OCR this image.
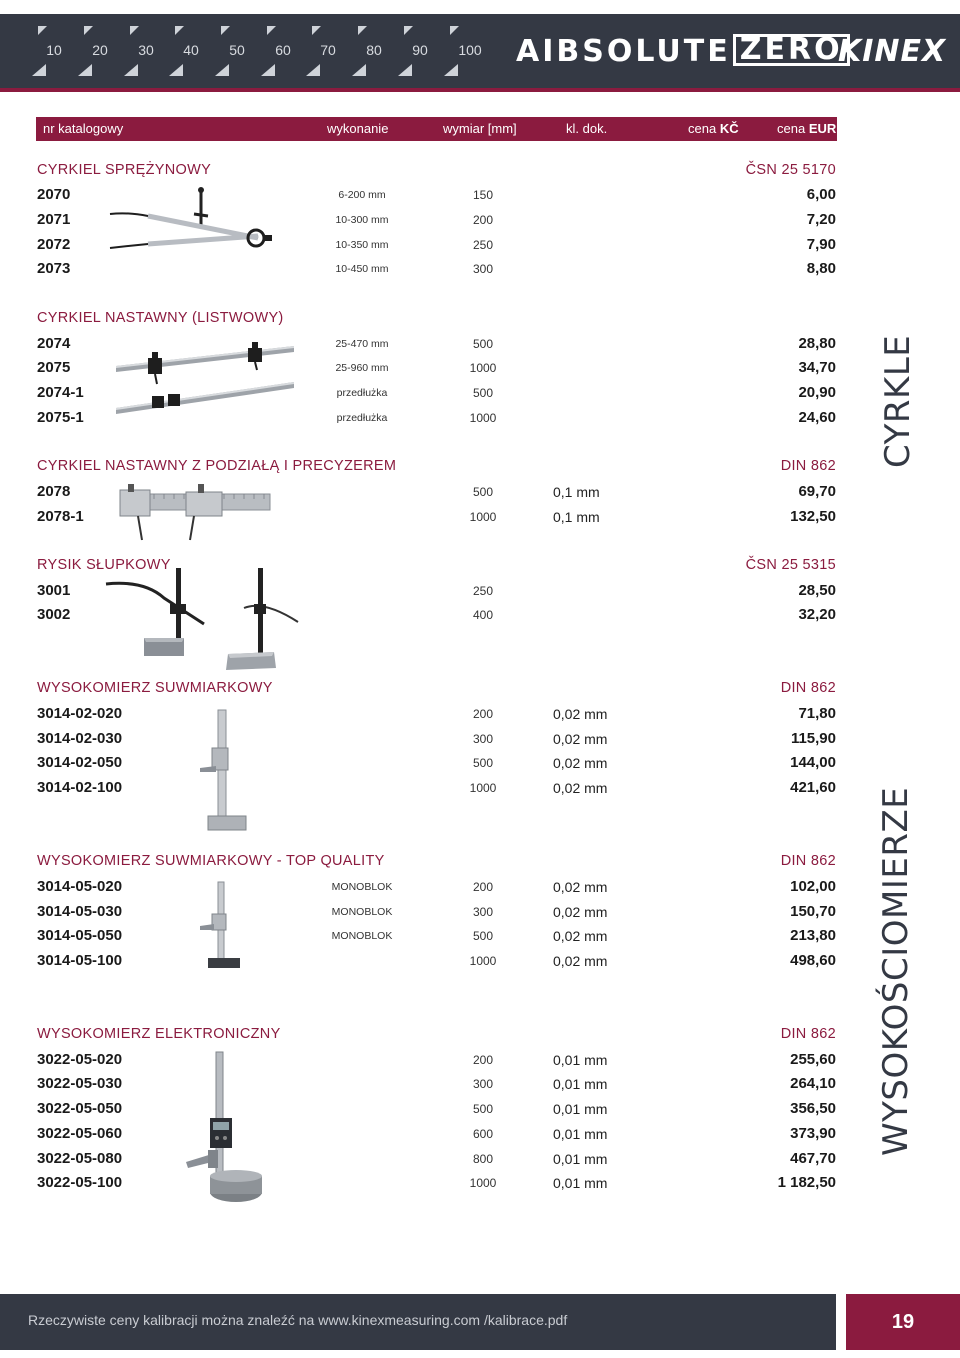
10	20	30	40	50	60	70	80	90	100 AIBSOLUTE ZERO
KINEX
nr katalogowy	wykonanie	wymiar [mm]	kl. dok.	cena KČ	cena EUR
CYRKIEL SPRĘŻYNOWY	ČSN 25 5170
2070	6-200 mm	150	6,00
2071	10-300 mm	200	7,20
2072	10-350 mm	250	7,90
2073	10-450 mm	300	8,80
CYRKIEL NASTAWNY (LISTWOWY)
2074	25-470 mm	500	28,80
2075	25-960 mm	1000	34,70
2074-1	przedłużka	500	20,90
2075-1	przedłużka	1000	24,60
CYRKIEL NASTAWNY Z PODZIAŁĄ I PRECYZEREM	DIN 862
2078	500	0,1 mm	69,70
2078-1	1000	0,1 mm	132,50
CYRKLE
RYSIK SŁUPKOWY	ČSN 25 5315
3001	250	28,50
3002	400	32,20
WYSOKOMIERZ SUWMIARKOWY	DIN 862
3014-02-020	200	0,02 mm	71,80
3014-02-030	300	0,02 mm	115,90
3014-02-050	500	0,02 mm	144,00
3014-02-100	1000	0,02 mm	421,60
WYSOKOMIERZ SUWMIARKOWY - TOP QUALITY	DIN 862
3014-05-020	MONOBLOK	200	0,02 mm	102,00
3014-05-030	MONOBLOK	300	0,02 mm	150,70
3014-05-050	MONOBLOK	500	0,02 mm	213,80
3014-05-100	1000	0,02 mm	498,60
WYSOKOMIERZ ELEKTRONICZNY	DIN 862
3022-05-020	200	0,01 mm	255,60
3022-05-030	300	0,01 mm	264,10
3022-05-050	500	0,01 mm	356,50
3022-05-060	600	0,01 mm	373,90
3022-05-080	800	0,01 mm	467,70
3022-05-100	1000	0,01 mm	1 182,50
WYSOKOŚCIOMIERZE
Rzeczywiste ceny kalibracji można znaleźć na www.kinexmeasuring.com /kalibrace.pdf	19
